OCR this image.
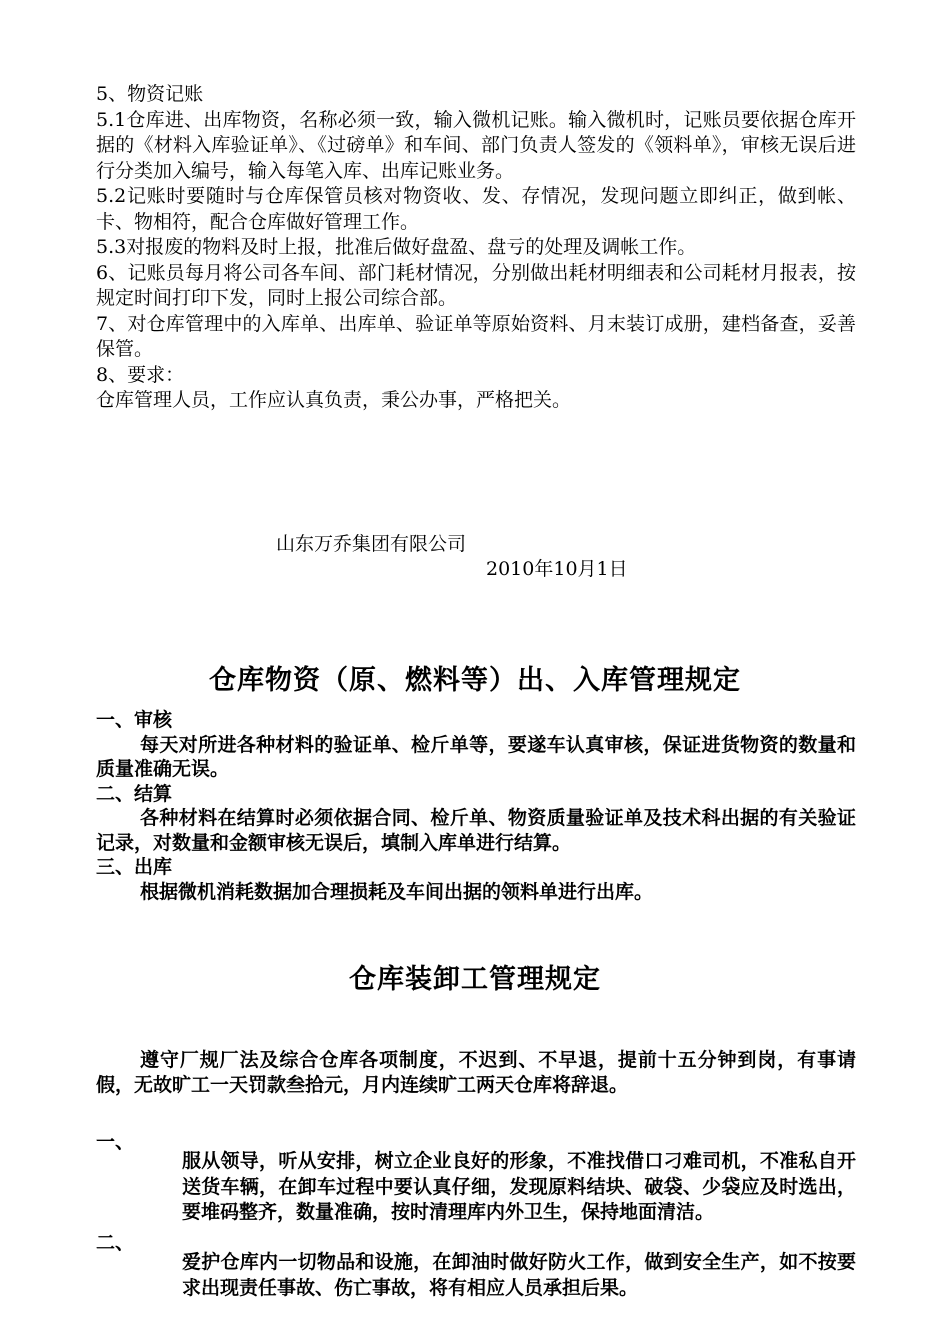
5、物资记账

5.1仓库进、出库物资，名称必须一致，输入微机记账。输入微机时，记账员要依据仓库开据的《材料入库验证单》、《过磅单》和车间、部门负责人签发的《领料单》，审核无误后进行分类加入编号，输入每笔入库、出库记账业务。

5.2记账时要随时与仓库保管员核对物资收、发、存情况，发现问题立即纠正，做到帐、卡、物相符，配合仓库做好管理工作。

5.3对报废的物料及时上报，批准后做好盘盈、盘亏的处理及调帐工作。

6、记账员每月将公司各车间、部门耗材情况，分别做出耗材明细表和公司耗材月报表，按规定时间打印下发，同时上报公司综合部。

7、对仓库管理中的入库单、出库单、验证单等原始资料、月末装订成册，建档备查，妥善保管。

8、要求：

仓库管理人员，工作应认真负责，秉公办事，严格把关。

山东万乔集团有限公司
2010年10月1日
仓库物资（原、燃料等）出、入库管理规定

一、审核

每天对所进各种材料的验证单、检斤单等，要遂车认真审核，保证进货物资的数量和质量准确无误。

二、结算

各种材料在结算时必须依据合同、检斤单、物资质量验证单及技术科出据的有关验证记录，对数量和金额审核无误后，填制入库单进行结算。

三、出库

根据微机消耗数据加合理损耗及车间出据的领料单进行出库。

仓库装卸工管理规定

遵守厂规厂法及综合仓库各项制度，不迟到、不早退，提前十五分钟到岗，有事请假，无故旷工一天罚款叁拾元，月内连续旷工两天仓库将辞退。

一、

服从领导，听从安排，树立企业良好的形象，不准找借口刁难司机，不准私自开送货车辆，在卸车过程中要认真仔细，发现原料结块、破袋、少袋应及时选出，要堆码整齐，数量准确，按时清理库内外卫生，保持地面清洁。

二、

爱护仓库内一切物品和设施，在卸油时做好防火工作，做到安全生产，如不按要求出现责任事故、伤亡事故，将有相应人员承担后果。
